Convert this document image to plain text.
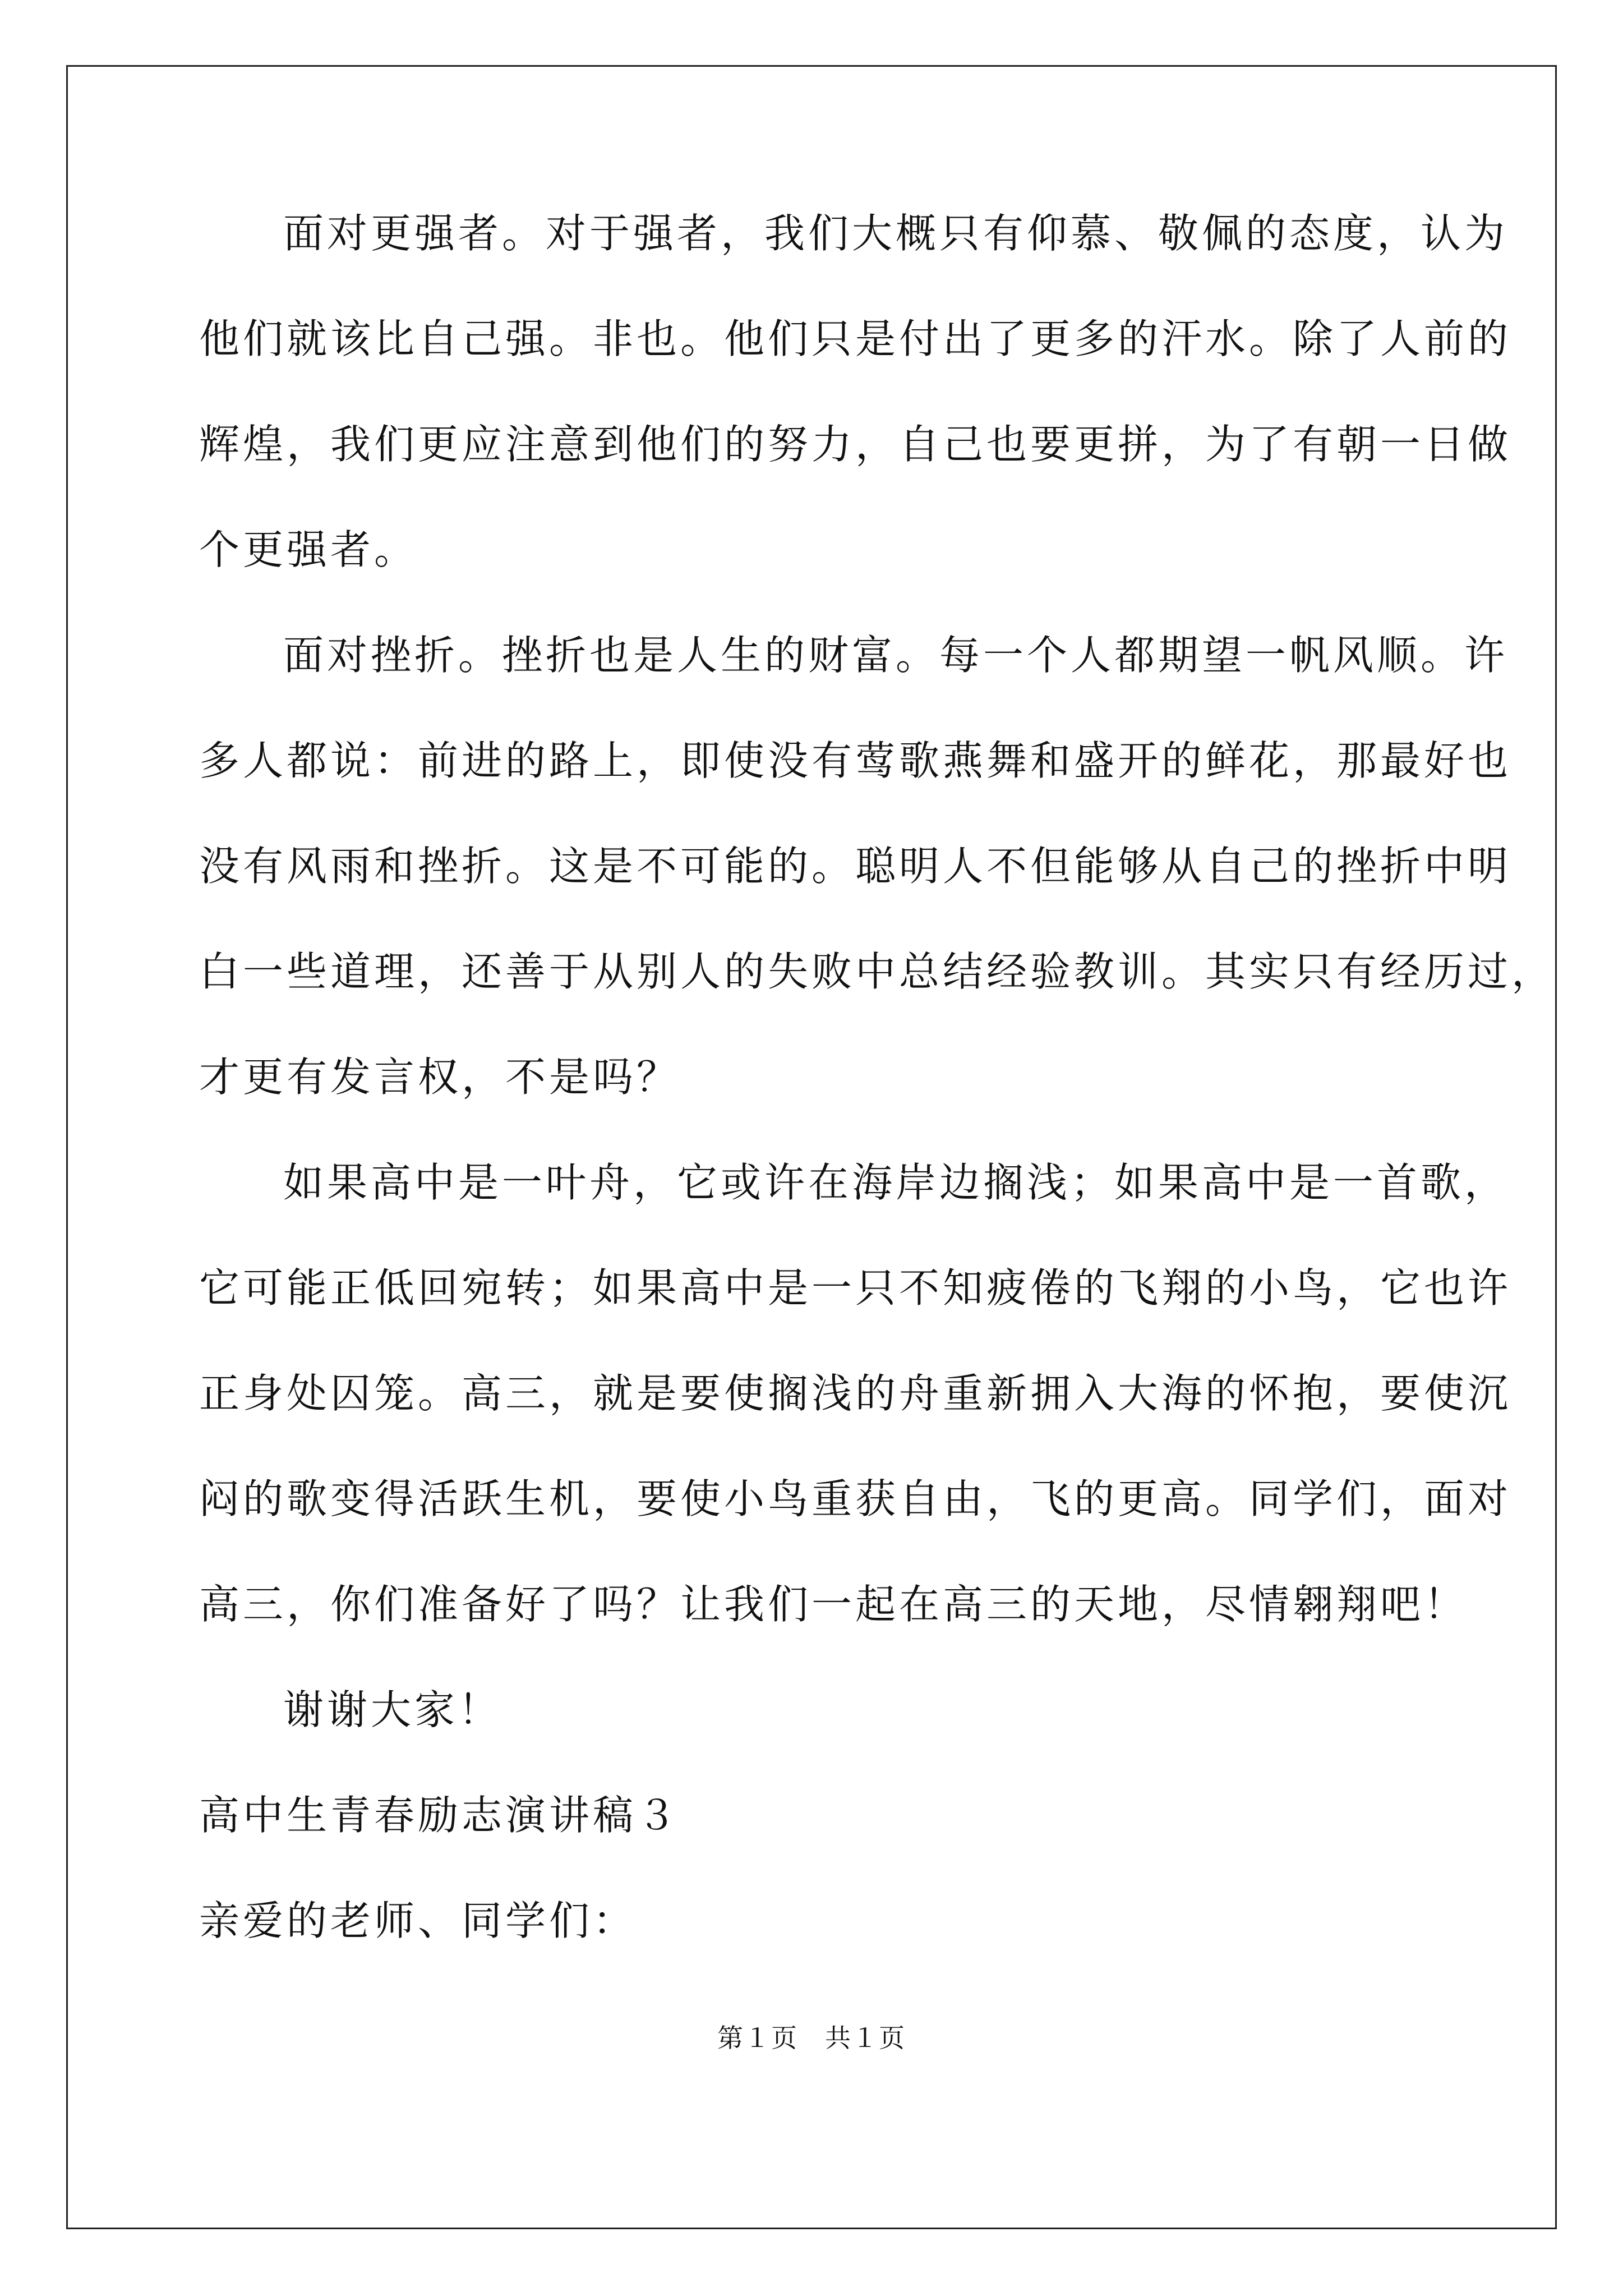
面对更强者。对于强者，我们大概只有仰慕、敬佩的态度，认为

他们就该比自己强。非也。他们只是付出了更多的汗水。除了人前的

辉煌，我们更应注意到他们的努力，自己也要更拼，为了有朝一日做

个更强者。

面对挫折。挫折也是人生的财富。每一个人都期望一帆风顺。许

多人都说：前进的路上，即使没有莺歌燕舞和盛开的鲜花，那最好也

没有风雨和挫折。这是不可能的。聪明人不但能够从自己的挫折中明

白一些道理，还善于从别人的失败中总结经验教训。其实只有经历过，

才更有发言权，不是吗？

如果高中是一叶舟，它或许在海岸边搁浅；如果高中是一首歌，

它可能正低回宛转；如果高中是一只不知疲倦的飞翔的小鸟，它也许

正身处囚笼。高三，就是要使搁浅的舟重新拥入大海的怀抱，要使沉

闷的歌变得活跃生机，要使小鸟重获自由，飞的更高。同学们，面对

高三，你们准备好了吗？让我们一起在高三的天地，尽情翱翔吧！

谢谢大家！

高中生青春励志演讲稿３

亲爱的老师、同学们：

第１页　共１页
